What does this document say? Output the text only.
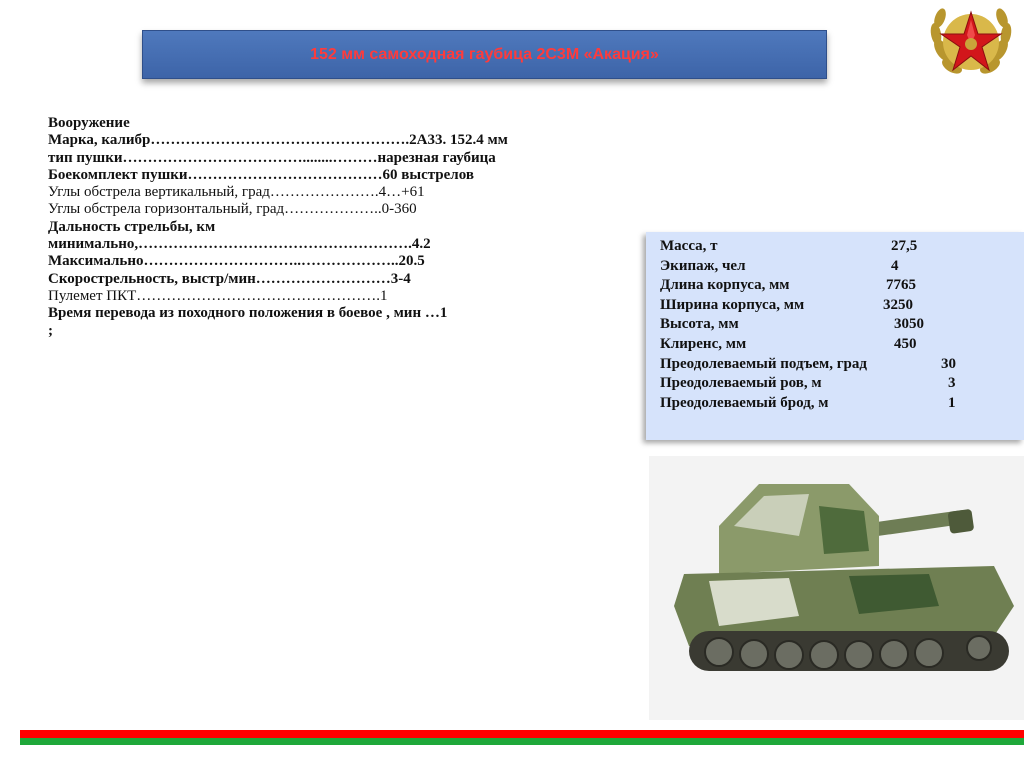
152 мм самоходная гаубица 2С3М «Акация»
Вооружение
Марка, калибр…………………………………………….2А33. 152.4 мм
тип пушки………………………………........………нарезная гаубица
Боекомплект пушки…………………………………60 выстрелов
Углы обстрела вертикальный, град………………….4…+61
Углы обстрела горизонтальный, град………………..0-360
Дальность стрельбы, км
минимально,……………………………………………….4.2
Максимально…………………………..………………..20.5
Скорострельность, выстр/мин………………………3-4
Пулемет ПКТ………………………………………….1
Время перевода из походного положения в боевое , мин …1
;
Масса, т	27,5
Экипаж, чел	4
Длина корпуса, мм	7765
Ширина корпуса, мм	3250
Высота, мм	3050
Клиренс, мм	450
Преодолеваемый подъем, град	30
Преодолеваемый ров, м	3
Преодолеваемый брод, м	1
